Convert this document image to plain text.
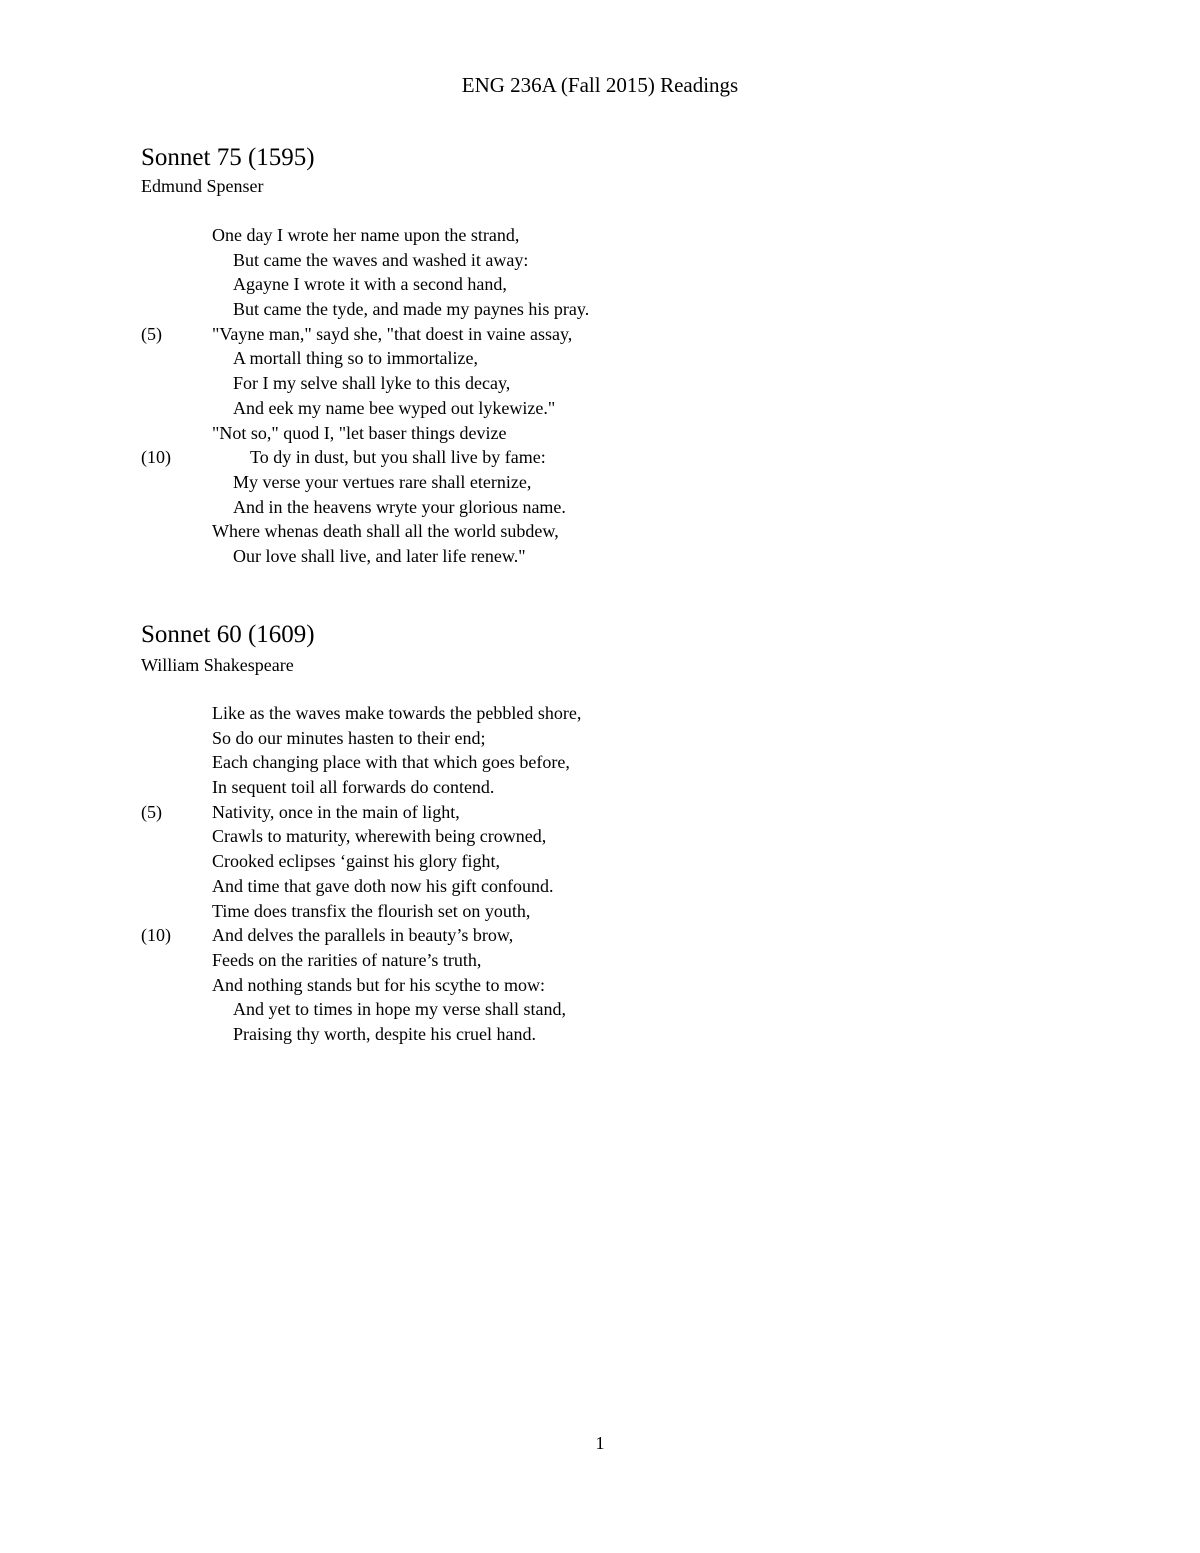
ENG 236A (Fall 2015) Readings
Sonnet 75 (1595)
Edmund Spenser
One day I wrote her name upon the strand,
But came the waves and washed it away:
Agayne I wrote it with a second hand,
But came the tyde, and made my paynes his pray.
(5)	"Vayne man," sayd she, "that doest in vaine assay,
A mortall thing so to immortalize,
For I my selve shall lyke to this decay,
And eek my name bee wyped out lykewize."
"Not so," quod I, "let baser things devize
(10)	To dy in dust, but you shall live by fame:
My verse your vertues rare shall eternize,
And in the heavens wryte your glorious name.
Where whenas death shall all the world subdew,
Our love shall live, and later life renew."
Sonnet 60 (1609)
William Shakespeare
Like as the waves make towards the pebbled shore,
So do our minutes hasten to their end;
Each changing place with that which goes before,
In sequent toil all forwards do contend.
(5)	Nativity, once in the main of light,
Crawls to maturity, wherewith being crowned,
Crooked eclipses ‘gainst his glory fight,
And time that gave doth now his gift confound.
Time does transfix the flourish set on youth,
(10) And delves the parallels in beauty’s brow,
Feeds on the rarities of nature’s truth,
And nothing stands but for his scythe to mow:
And yet to times in hope my verse shall stand,
Praising thy worth, despite his cruel hand.
1
